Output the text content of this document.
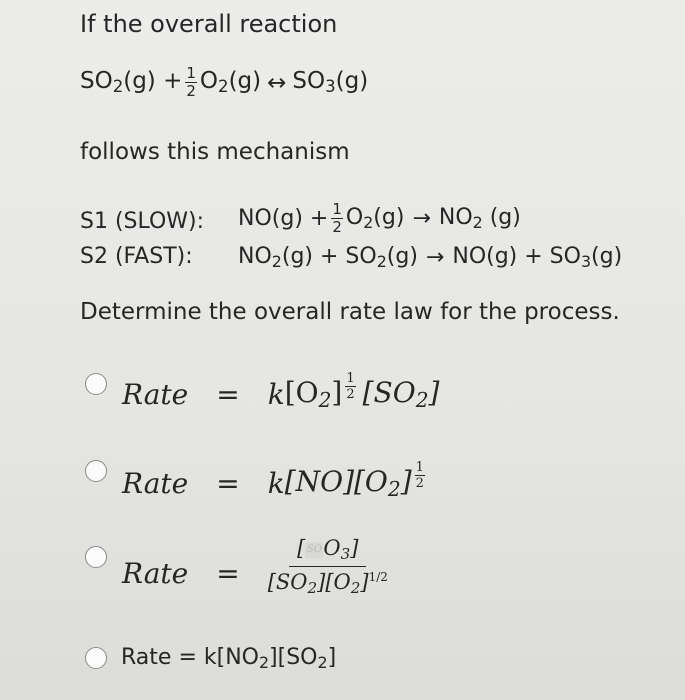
If the overall reaction
$SO_2(g) + \frac{1}{2} O_2(g)$ ↔ $SO_3(g)$
follows this mechanism
S1 (SLOW): $NO(g) + \frac{1}{2} O_2(g) \to NO_2$ (g)
S2 (FAST): $NO_2(g) + SO_2(g) \to NO(g) + SO_3(g)$
Determine the overall rate law for the process.
Rate = k $[O_2] \frac{1}{2} [SO_2]$
Rate = k $[NO][O_2] \frac{1}{2}$
Rate = $\frac{[SOO_3]}{[SO_2][O_2]^{1/2}}$
Rate = $k[NO_2][SO_2]$
